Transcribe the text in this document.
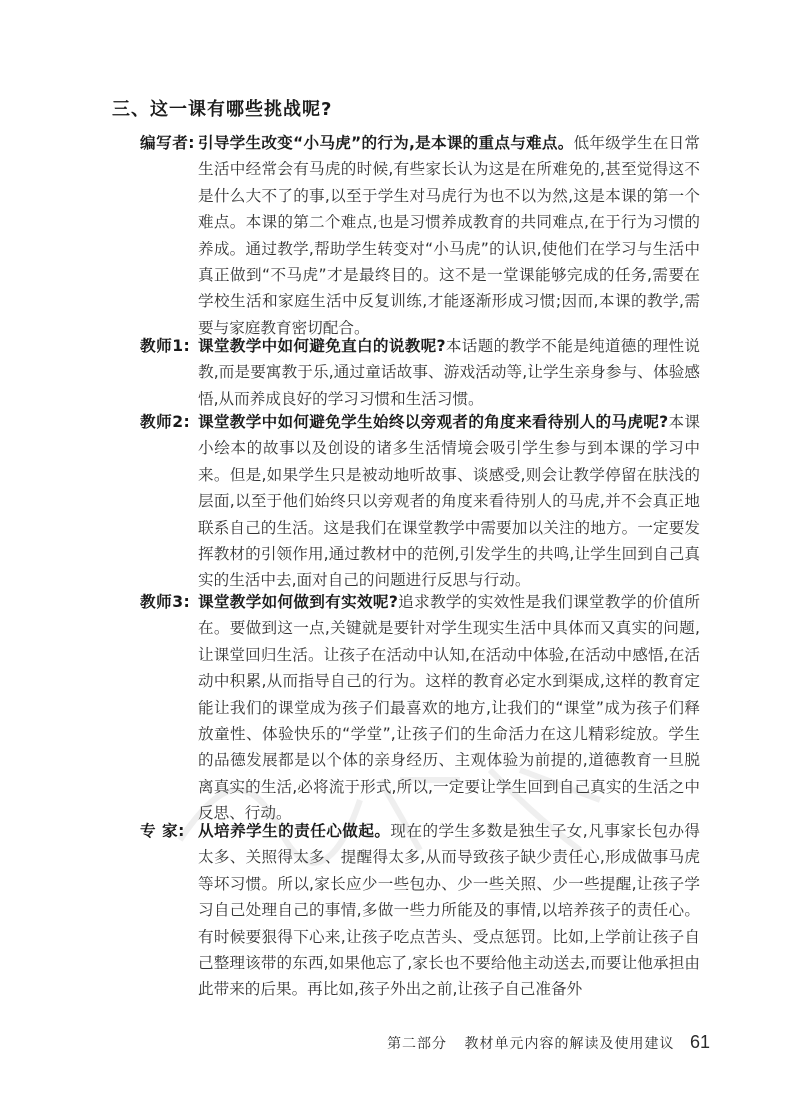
三、这一课有哪些挑战呢?
编写者: 引导学生改变“小马虎”的行为,是本课的重点与难点。低年级学生在日常生活中经常会有马虎的时候,有些家长认为这是在所难免的,甚至觉得这不是什么大不了的事,以至于学生对马虎行为也不以为然,这是本课的第一个难点。本课的第二个难点,也是习惯养成教育的共同难点,在于行为习惯的养成。通过教学,帮助学生转变对“小马虎”的认识,使他们在学习与生活中真正做到“不马虎”才是最终目的。这不是一堂课能够完成的任务,需要在学校生活和家庭生活中反复训练,才能逐渐形成习惯;因而,本课的教学,需要与家庭教育密切配合。
教师1: 课堂教学中如何避免直白的说教呢?本话题的教学不能是纯道德的理性说教,而是要寓教于乐,通过童话故事、游戏活动等,让学生亲身参与、体验感悟,从而养成良好的学习习惯和生活习惯。
教师2: 课堂教学中如何避免学生始终以旁观者的角度来看待别人的马虎呢?本课小绘本的故事以及创设的诸多生活情境会吸引学生参与到本课的学习中来。但是,如果学生只是被动地听故事、谈感受,则会让教学停留在肤浅的层面,以至于他们始终只以旁观者的角度来看待别人的马虎,并不会真正地联系自己的生活。这是我们在课堂教学中需要加以关注的地方。一定要发挥教材的引领作用,通过教材中的范例,引发学生的共鸣,让学生回到自己真实的生活中去,面对自己的问题进行反思与行动。
教师3: 课堂教学如何做到有实效呢?追求教学的实效性是我们课堂教学的价值所在。要做到这一点,关键就是要针对学生现实生活中具体而又真实的问题,让课堂回归生活。让孩子在活动中认知,在活动中体验,在活动中感悟,在活动中积累,从而指导自己的行为。这样的教育必定水到渠成,这样的教育定能让我们的课堂成为孩子们最喜欢的地方,让我们的“课堂”成为孩子们释放童性、体验快乐的“学堂”,让孩子们的生命活力在这儿精彩绽放。学生的品德发展都是以个体的亲身经历、主观体验为前提的,道德教育一旦脱离真实的生活,必将流于形式,所以,一定要让学生回到自己真实的生活之中反思、行动。
专 家: 从培养学生的责任心做起。现在的学生多数是独生子女,凡事家长包办得太多、关照得太多、提醒得太多,从而导致孩子缺少责任心,形成做事马虎等坏习惯。所以,家长应少一些包办、少一些关照、少一些提醒,让孩子学习自己处理自己的事情,多做一些力所能及的事情,以培养孩子的责任心。有时候要狠得下心来,让孩子吃点苦头、受点惩罚。比如,上学前让孩子自己整理该带的东西,如果他忘了,家长也不要给他主动送去,而要让他承担由此带来的后果。再比如,孩子外出之前,让孩子自己准备外
第二部分 教材单元内容的解读及使用建议 61
